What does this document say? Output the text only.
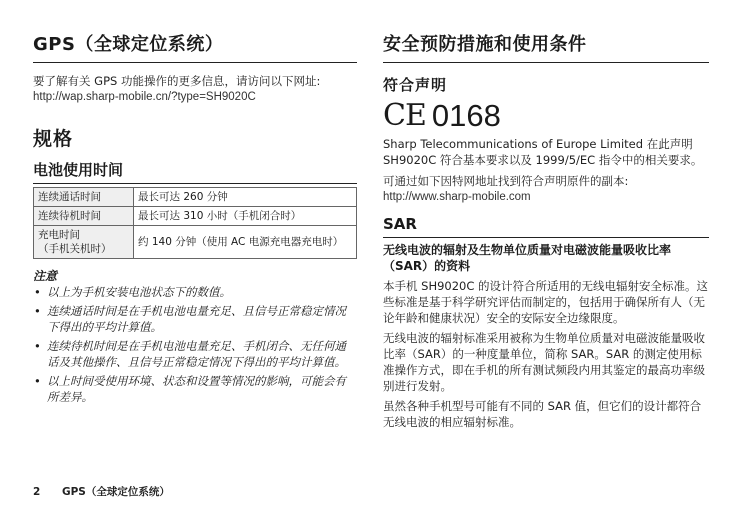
GPS（全球定位系统）
要了解有关 GPS 功能操作的更多信息，请访问以下网址:
http://wap.sharp-mobile.cn/?type=SH9020C
规格
电池使用时间
连续通话时间	最长可达 260 分钟
连续待机时间	最长可达 310 小时（手机闭合时）
充电时间
（手机关机时）	约 140 分钟（使用 AC 电源充电器充电时）
注意
• 以上为手机安装电池状态下的数值。
• 连续通话时间是在手机电池电量充足、且信号正常稳定情况下得出的平均计算值。
• 连续待机时间是在手机电池电量充足、手机闭合、无任何通话及其他操作、且信号正常稳定情况下得出的平均计算值。
• 以上时间受使用环境、状态和设置等情况的影响，可能会有所差异。
安全预防措施和使用条件
符合声明
CE 0168
Sharp Telecommunications of Europe Limited 在此声明 SH9020C 符合基本要求以及 1999/5/EC 指令中的相关要求。
可通过如下因特网地址找到符合声明原件的副本:
http://www.sharp-mobile.com
SAR
无线电波的辐射及生物单位质量对电磁波能量吸收比率（SAR）的资料
本手机 SH9020C 的设计符合所适用的无线电辐射安全标准。这些标准是基于科学研究评估而制定的，包括用于确保所有人（无论年龄和健康状况）安全的安际安全边缘限度。
无线电波的辐射标准采用被称为生物单位质量对电磁波能量吸收比率（SAR）的一种度量单位，简称 SAR。SAR 的测定使用标准操作方式，即在手机的所有测试频段内用其鉴定的最高功率级别进行发射。
虽然各种手机型号可能有不同的 SAR 值，但它们的设计都符合无线电波的相应辐射标准。
2 GPS（全球定位系统）
